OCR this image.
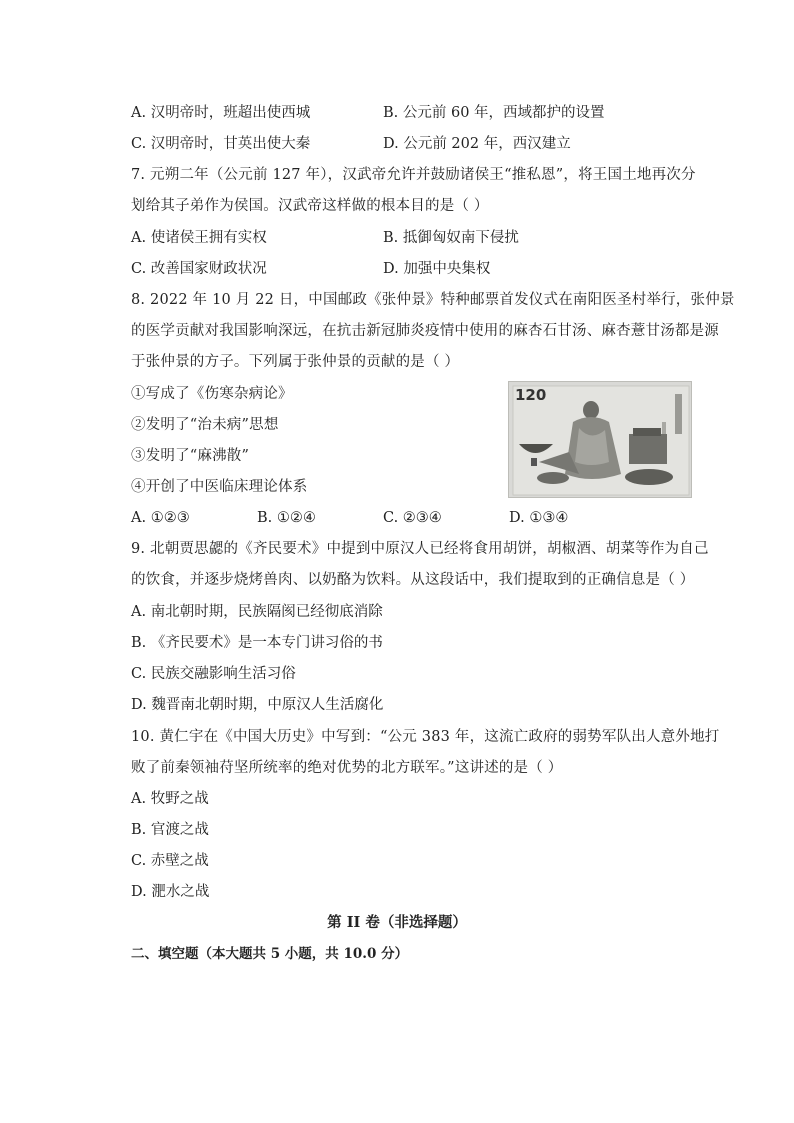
A. 汉明帝时，班超出使西城	B. 公元前 60 年，西域都护的设置
C. 汉明帝时，甘英出使大秦	D. 公元前 202 年，西汉建立
7. 元朔二年（公元前 127 年），汉武帝允许并鼓励诸侯王“推私恩”，将王国土地再次分
划给其子弟作为侯国。汉武帝这样做的根本目的是（ ）
A. 使诸侯王拥有实权	B. 抵御匈奴南下侵扰
C. 改善国家财政状况	D. 加强中央集权
8. 2022 年 10 月 22 日，中国邮政《张仲景》特种邮票首发仪式在南阳医圣村举行，张仲景
的医学贡献对我国影响深远，在抗击新冠肺炎疫情中使用的麻杏石甘汤、麻杏薏甘汤都是源
于张仲景的方子。下列属于张仲景的贡献的是（ ）
①写成了《伤寒杂病论》
②发明了“治未病”思想
③发明了“麻沸散”
④开创了中医临床理论体系
120
A. ①②③	B. ①②④	C. ②③④	D. ①③④
9. 北朝贾思勰的《齐民要术》中提到中原汉人已经将食用胡饼，胡椒酒、胡菜等作为自己
的饮食，并逐步烧烤兽肉、以奶酪为饮料。从这段话中，我们提取到的正确信息是（ ）
A. 南北朝时期，民族隔阂已经彻底消除
B. 《齐民要术》是一本专门讲习俗的书
C. 民族交融影响生活习俗
D. 魏晋南北朝时期，中原汉人生活腐化
10. 黄仁宇在《中国大历史》中写到：“公元 383 年，这流亡政府的弱势军队出人意外地打
败了前秦领袖苻坚所统率的绝对优势的北方联军。”这讲述的是（ ）
A. 牧野之战
B. 官渡之战
C. 赤壁之战
D. 淝水之战
第 II 卷（非选择题）
二、填空题（本大题共 5 小题，共 10.0 分）
